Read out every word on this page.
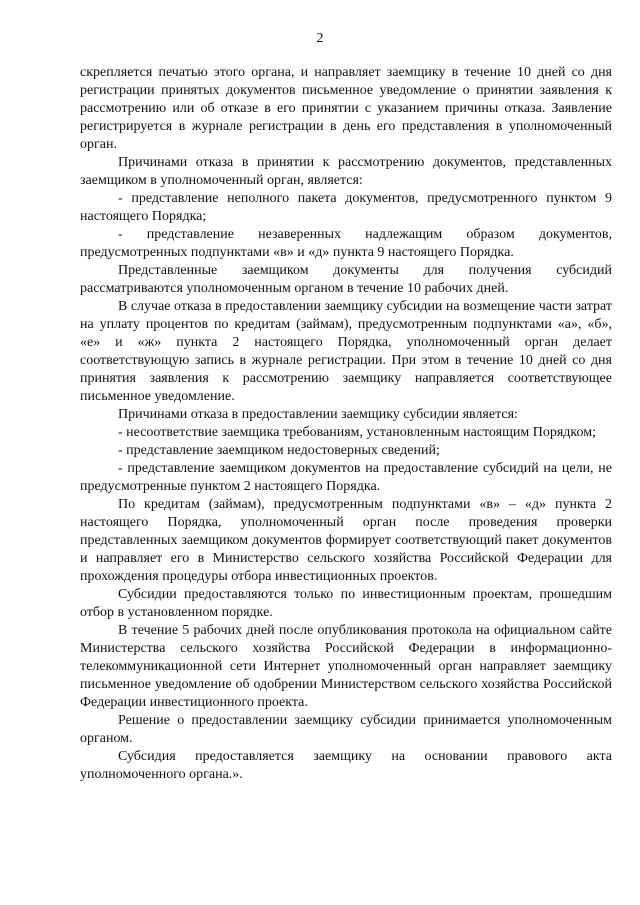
2

скрепляется печатью этого органа, и направляет заемщику в течение 10 дней со дня регистрации принятых документов письменное уведомление о принятии заявления к рассмотрению или об отказе в его принятии с указанием причины отказа. Заявление регистрируется в журнале регистрации в день его представления в уполномоченный орган.

Причинами отказа в принятии к рассмотрению документов, представленных заемщиком в уполномоченный орган, является:

- представление неполного пакета документов, предусмотренного пунктом 9 настоящего Порядка;

- представление незаверенных надлежащим образом документов, предусмотренных подпунктами «в» и «д» пункта 9 настоящего Порядка.

Представленные заемщиком документы для получения субсидий рассматриваются уполномоченным органом в течение 10 рабочих дней.

В случае отказа в предоставлении заемщику субсидии на возмещение части затрат на уплату процентов по кредитам (займам), предусмотренным подпунктами «а», «б», «е» и «ж» пункта 2 настоящего Порядка, уполномоченный орган делает соответствующую запись в журнале регистрации. При этом в течение 10 дней со дня принятия заявления к рассмотрению заемщику направляется соответствующее письменное уведомление.

Причинами отказа в предоставлении заемщику субсидии является:

- несоответствие заемщика требованиям, установленным настоящим Порядком;

- представление заемщиком недостоверных сведений;

- представление заемщиком документов на предоставление субсидий на цели, не предусмотренные пунктом 2 настоящего Порядка.

По кредитам (займам), предусмотренным подпунктами «в» – «д» пункта 2 настоящего Порядка, уполномоченный орган после проведения проверки представленных заемщиком документов формирует соответствующий пакет документов и направляет его в Министерство сельского хозяйства Российской Федерации для прохождения процедуры отбора инвестиционных проектов.

Субсидии предоставляются только по инвестиционным проектам, прошедшим отбор в установленном порядке.

В течение 5 рабочих дней после опубликования протокола на официальном сайте Министерства сельского хозяйства Российской Федерации в информационно-телекоммуникационной сети Интернет уполномоченный орган направляет заемщику письменное уведомление об одобрении Министерством сельского хозяйства Российской Федерации инвестиционного проекта.

Решение о предоставлении заемщику субсидии принимается уполномоченным органом.

Субсидия предоставляется заемщику на основании правового акта уполномоченного органа.».
